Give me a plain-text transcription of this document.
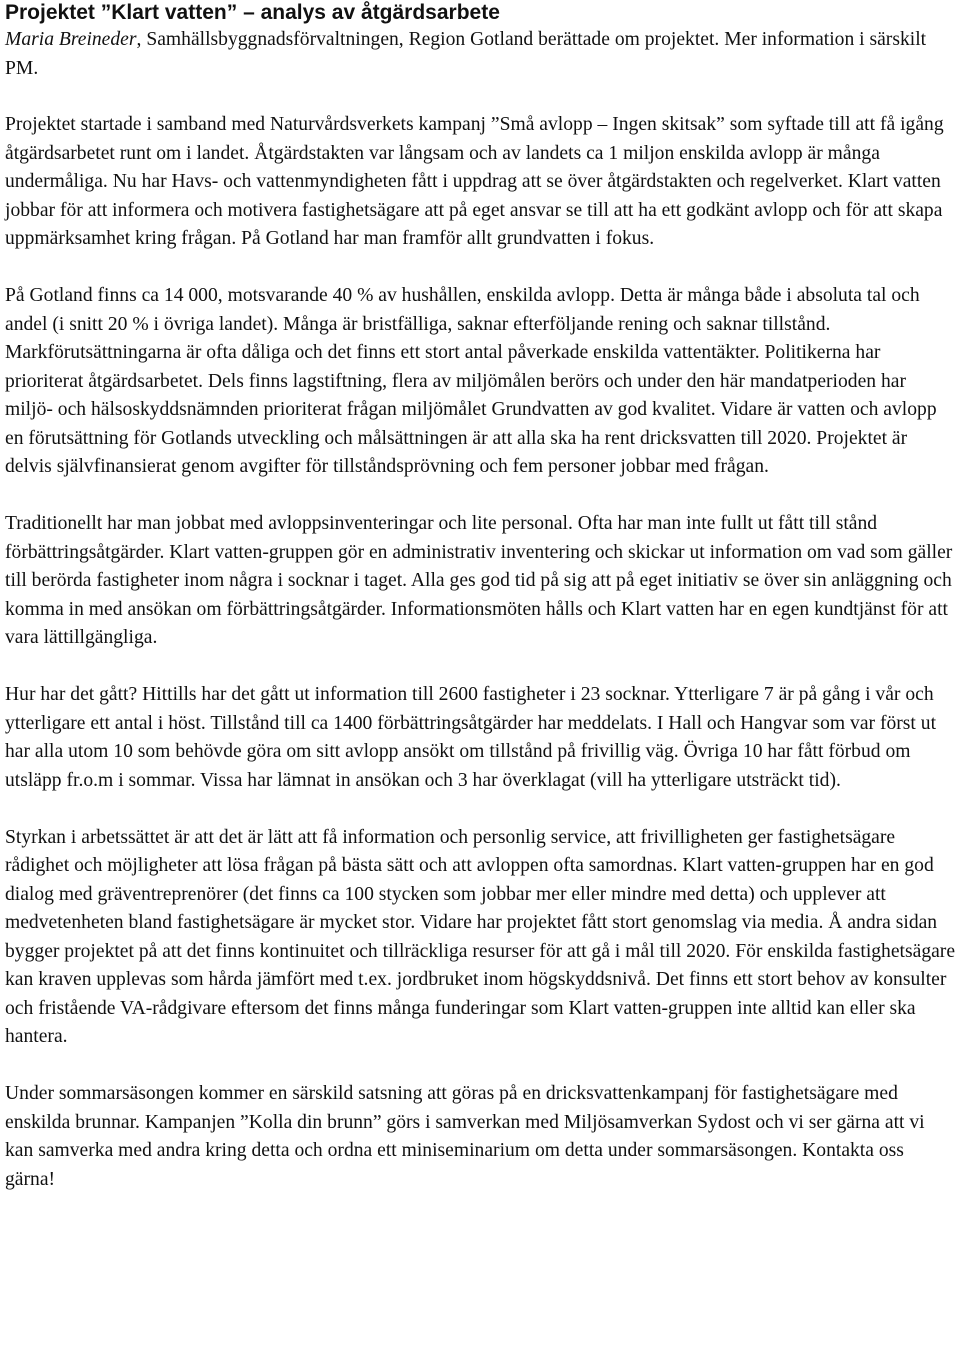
Projektet ”Klart vatten” – analys av åtgärdsarbete

Maria Breineder, Samhällsbyggnadsförvaltningen, Region Gotland berättade om projektet. Mer information i särskilt PM.

Projektet startade i samband med Naturvårdsverkets kampanj ”Små avlopp – Ingen skitsak” som syftade till att få igång åtgärdsarbetet runt om i landet. Åtgärdstakten var långsam och av landets ca 1 miljon enskilda avlopp är många undermåliga. Nu har Havs- och vattenmyndigheten fått i uppdrag att se över åtgärdstakten och regelverket. Klart vatten jobbar för att informera och motivera fastighetsägare att på eget ansvar se till att ha ett godkänt avlopp och för att skapa uppmärksamhet kring frågan. På Gotland har man framför allt grundvatten i fokus.

På Gotland finns ca 14 000, motsvarande 40 % av hushållen, enskilda avlopp. Detta är många både i absoluta tal och andel (i snitt 20 % i övriga landet). Många är bristfälliga, saknar efterföljande rening och saknar tillstånd. Markförutsättningarna är ofta dåliga och det finns ett stort antal påverkade enskilda vattentäkter. Politikerna har prioriterat åtgärdsarbetet. Dels finns lagstiftning, flera av miljömålen berörs och under den här mandatperioden har miljö- och hälsoskyddsnämnden prioriterat frågan miljömålet Grundvatten av god kvalitet. Vidare är vatten och avlopp en förutsättning för Gotlands utveckling och målsättningen är att alla ska ha rent dricksvatten till 2020. Projektet är delvis självfinansierat genom avgifter för tillståndsprövning och fem personer jobbar med frågan.

Traditionellt har man jobbat med avloppsinventeringar och lite personal. Ofta har man inte fullt ut fått till stånd förbättringsåtgärder. Klart vatten-gruppen gör en administrativ inventering och skickar ut information om vad som gäller till berörda fastigheter inom några i socknar i taget. Alla ges god tid på sig att på eget initiativ se över sin anläggning och komma in med ansökan om förbättringsåtgärder. Informationsmöten hålls och Klart vatten har en egen kundtjänst för att vara lättillgängliga.

Hur har det gått? Hittills har det gått ut information till 2600 fastigheter i 23 socknar. Ytterligare 7 är på gång i vår och ytterligare ett antal i höst. Tillstånd till ca 1400 förbättringsåtgärder har meddelats. I Hall och Hangvar som var först ut har alla utom 10 som behövde göra om sitt avlopp ansökt om tillstånd på frivillig väg. Övriga 10 har fått förbud om utsläpp fr.o.m i sommar. Vissa har lämnat in ansökan och 3 har överklagat (vill ha ytterligare utsträckt tid).

Styrkan i arbetssättet är att det är lätt att få information och personlig service, att frivilligheten ger fastighetsägare rådighet och möjligheter att lösa frågan på bästa sätt och att avloppen ofta samordnas. Klart vatten-gruppen har en god dialog med gräventreprenörer (det finns ca 100 stycken som jobbar mer eller mindre med detta) och upplever att medvetenheten bland fastighetsägare är mycket stor. Vidare har projektet fått stort genomslag via media. Å andra sidan bygger projektet på att det finns kontinuitet och tillräckliga resurser för att gå i mål till 2020. För enskilda fastighetsägare kan kraven upplevas som hårda jämfört med t.ex. jordbruket inom högskyddsnivå. Det finns ett stort behov av konsulter och fristående VA-rådgivare eftersom det finns många funderingar som Klart vatten-gruppen inte alltid kan eller ska hantera.

Under sommarsäsongen kommer en särskild satsning att göras på en dricksvattenkampanj för fastighetsägare med enskilda brunnar. Kampanjen ”Kolla din brunn” görs i samverkan med Miljösamverkan Sydost och vi ser gärna att vi kan samverka med andra kring detta och ordna ett miniseminarium om detta under sommarsäsongen. Kontakta oss gärna!
